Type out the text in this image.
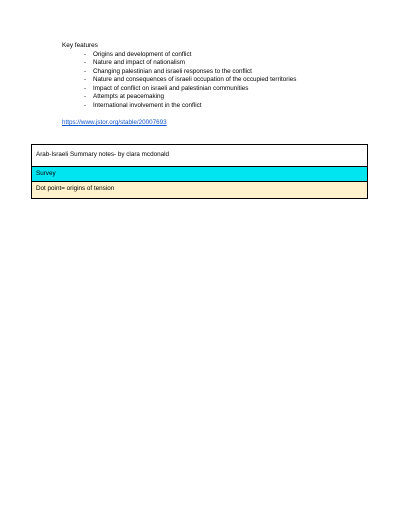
Key features
-	Origins and development of conflict
-	Nature and impact of nationalism
-	Changing palestinian and israeli responses to the conflict
-	Nature and consequences of israeli occupation of the occupied territories
-	Impact of conflict on israeli and palestinian communities
-	Attempts at peacemaking
-	International involvement in the conflict
https://www.jstor.org/stable/20007693
Arab-Israeli Summary notes- by clara mcdonald
Survey
Dot point= origins of tension
